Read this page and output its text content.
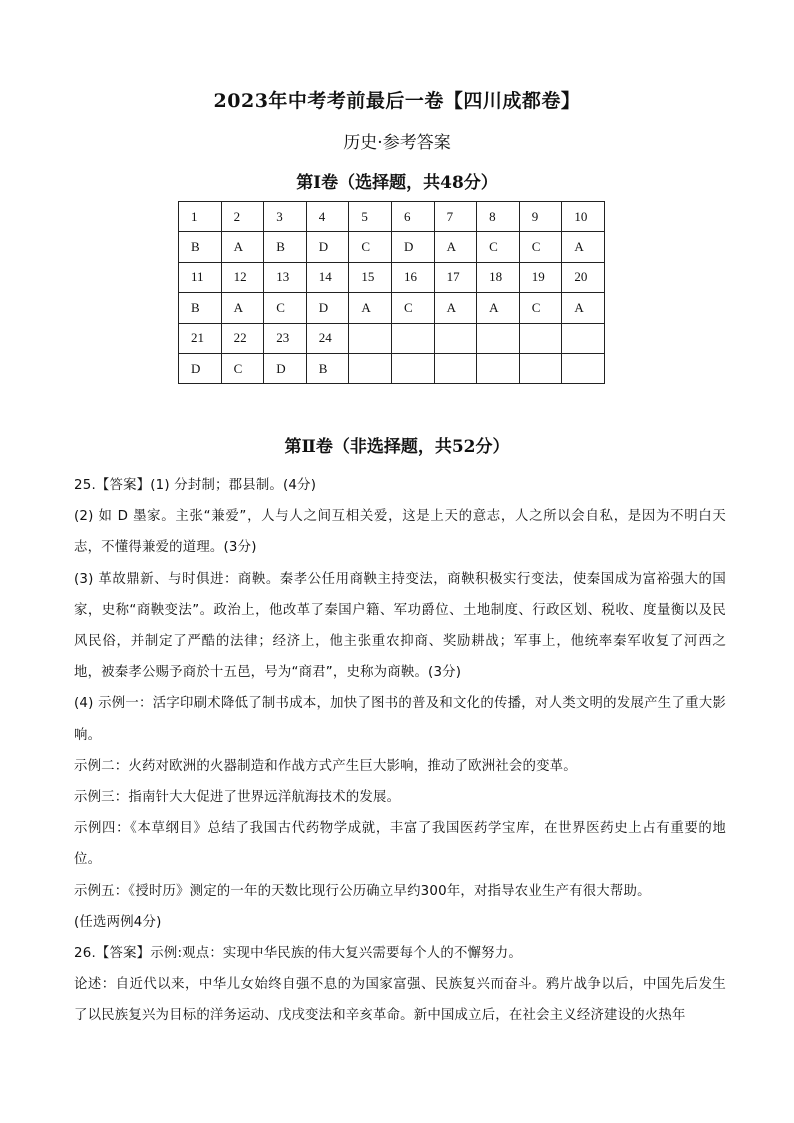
2023年中考考前最后一卷【四川成都卷】
历史·参考答案
第Ⅰ卷（选择题，共48分）
1	2	3	4	5	6	7	8	9	10
B	A	B	D	C	D	A	C	C	A
11	12	13	14	15	16	17	18	19	20
B	A	C	D	A	C	A	A	C	A
21	22	23	24						
D	C	D	B						
第Ⅱ卷（非选择题，共52分）

25.【答案】(1) 分封制；郡县制。(4分)

(2) 如 D 墨家。主张“兼爱”，人与人之间互相关爱，这是上天的意志，人之所以会自私，是因为不明白天志，不懂得兼爱的道理。(3分)

(3) 革故鼎新、与时俱进：商鞅。秦孝公任用商鞅主持变法，商鞅积极实行变法，使秦国成为富裕强大的国家，史称“商鞅变法”。政治上，他改革了秦国户籍、军功爵位、土地制度、行政区划、税收、度量衡以及民风民俗，并制定了严酷的法律；经济上，他主张重农抑商、奖励耕战；军事上，他统率秦军收复了河西之地，被秦孝公赐予商於十五邑，号为“商君”，史称为商鞅。(3分)

(4) 示例一：活字印刷术降低了制书成本，加快了图书的普及和文化的传播，对人类文明的发展产生了重大影响。

示例二：火药对欧洲的火器制造和作战方式产生巨大影响，推动了欧洲社会的变革。

示例三：指南针大大促进了世界远洋航海技术的发展。

示例四：《本草纲目》总结了我国古代药物学成就，丰富了我国医药学宝库，在世界医药史上占有重要的地位。

示例五：《授时历》测定的一年的天数比现行公历确立早约300年，对指导农业生产有很大帮助。

(任选两例4分)

26.【答案】示例:观点：实现中华民族的伟大复兴需要每个人的不懈努力。

论述：自近代以来，中华儿女始终自强不息的为国家富强、民族复兴而奋斗。鸦片战争以后，中国先后发生了以民族复兴为目标的洋务运动、戊戌变法和辛亥革命。新中国成立后，在社会主义经济建设的火热年
